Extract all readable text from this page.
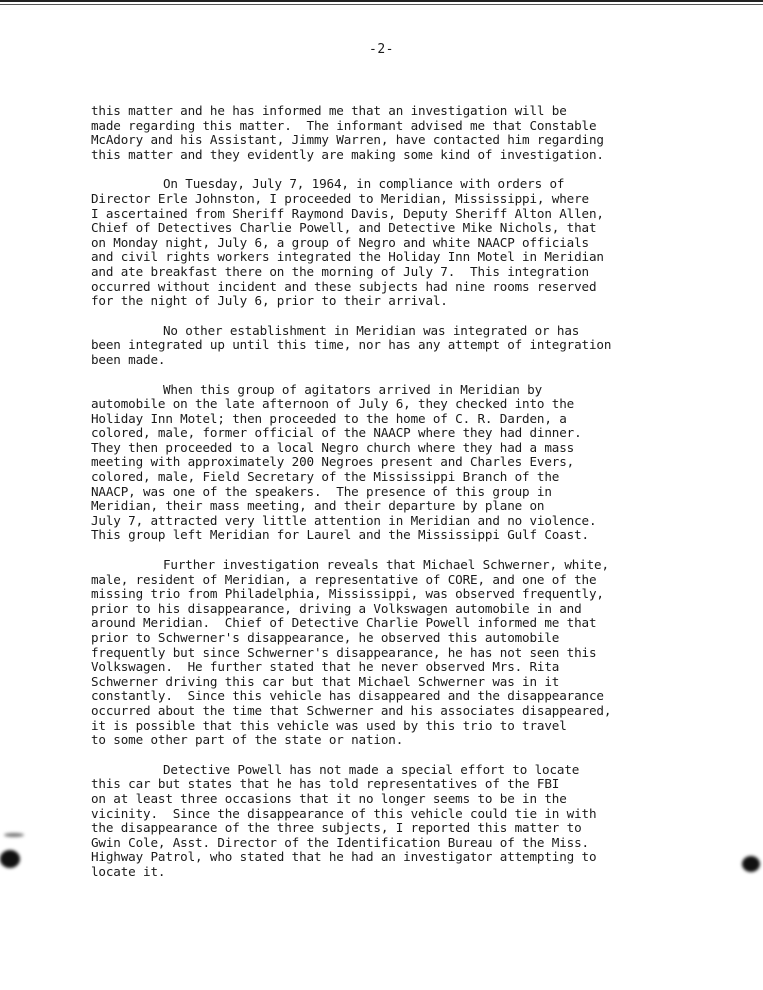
-2-
this matter and he has informed me that an investigation will be
made regarding this matter.  The informant advised me that Constable
McAdory and his Assistant, Jimmy Warren, have contacted him regarding
this matter and they evidently are making some kind of investigation.
On Tuesday, July 7, 1964, in compliance with orders of
Director Erle Johnston, I proceeded to Meridian, Mississippi, where
I ascertained from Sheriff Raymond Davis, Deputy Sheriff Alton Allen,
Chief of Detectives Charlie Powell, and Detective Mike Nichols, that
on Monday night, July 6, a group of Negro and white NAACP officials
and civil rights workers integrated the Holiday Inn Motel in Meridian
and ate breakfast there on the morning of July 7.  This integration
occurred without incident and these subjects had nine rooms reserved
for the night of July 6, prior to their arrival.
No other establishment in Meridian was integrated or has
been integrated up until this time, nor has any attempt of integration
been made.
When this group of agitators arrived in Meridian by
automobile on the late afternoon of July 6, they checked into the
Holiday Inn Motel; then proceeded to the home of C. R. Darden, a
colored, male, former official of the NAACP where they had dinner.
They then proceeded to a local Negro church where they had a mass
meeting with approximately 200 Negroes present and Charles Evers,
colored, male, Field Secretary of the Mississippi Branch of the
NAACP, was one of the speakers.  The presence of this group in
Meridian, their mass meeting, and their departure by plane on
July 7, attracted very little attention in Meridian and no violence.
This group left Meridian for Laurel and the Mississippi Gulf Coast.
Further investigation reveals that Michael Schwerner, white,
male, resident of Meridian, a representative of CORE, and one of the
missing trio from Philadelphia, Mississippi, was observed frequently,
prior to his disappearance, driving a Volkswagen automobile in and
around Meridian.  Chief of Detective Charlie Powell informed me that
prior to Schwerner's disappearance, he observed this automobile
frequently but since Schwerner's disappearance, he has not seen this
Volkswagen.  He further stated that he never observed Mrs. Rita
Schwerner driving this car but that Michael Schwerner was in it
constantly.  Since this vehicle has disappeared and the disappearance
occurred about the time that Schwerner and his associates disappeared,
it is possible that this vehicle was used by this trio to travel
to some other part of the state or nation.
Detective Powell has not made a special effort to locate
this car but states that he has told representatives of the FBI
on at least three occasions that it no longer seems to be in the
vicinity.  Since the disappearance of this vehicle could tie in with
the disappearance of the three subjects, I reported this matter to
Gwin Cole, Asst. Director of the Identification Bureau of the Miss.
Highway Patrol, who stated that he had an investigator attempting to
locate it.
